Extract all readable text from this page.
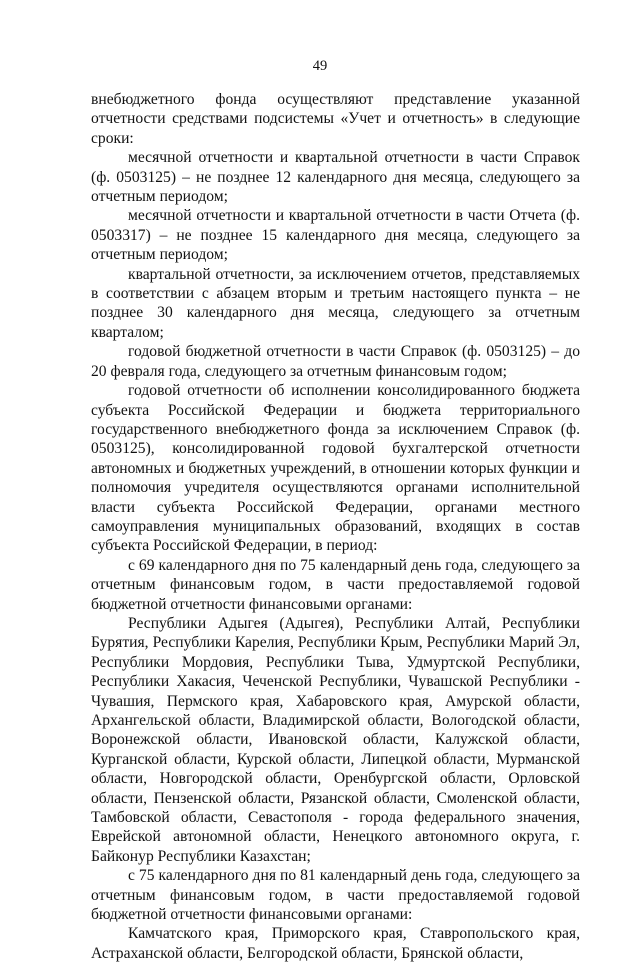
49

внебюджетного фонда осуществляют представление указанной отчетности средствами подсистемы «Учет и отчетность» в следующие сроки:

месячной отчетности и квартальной отчетности в части Справок (ф. 0503125) – не позднее 12 календарного дня месяца, следующего за отчетным периодом;

месячной отчетности и квартальной отчетности в части Отчета (ф. 0503317) – не позднее 15 календарного дня месяца, следующего за отчетным периодом;

квартальной отчетности, за исключением отчетов, представляемых в соответствии с абзацем вторым и третьим настоящего пункта – не позднее 30 календарного дня месяца, следующего за отчетным кварталом;

годовой бюджетной отчетности в части Справок (ф. 0503125) – до 20 февраля года, следующего за отчетным финансовым годом;

годовой отчетности об исполнении консолидированного бюджета субъекта Российской Федерации и бюджета территориального государственного внебюджетного фонда за исключением Справок (ф. 0503125), консолидированной годовой бухгалтерской отчетности автономных и бюджетных учреждений, в отношении которых функции и полномочия учредителя осуществляются органами исполнительной власти субъекта Российской Федерации, органами местного самоуправления муниципальных образований, входящих в состав субъекта Российской Федерации, в период:

с 69 календарного дня по 75 календарный день года, следующего за отчетным финансовым годом, в части предоставляемой годовой бюджетной отчетности финансовыми органами:

Республики Адыгея (Адыгея), Республики Алтай, Республики Бурятия, Республики Карелия, Республики Крым, Республики Марий Эл, Республики Мордовия, Республики Тыва, Удмуртской Республики, Республики Хакасия, Чеченской Республики, Чувашской Республики - Чувашия, Пермского края, Хабаровского края, Амурской области, Архангельской области, Владимирской области, Вологодской области, Воронежской области, Ивановской области, Калужской области, Курганской области, Курской области, Липецкой области, Мурманской области, Новгородской области, Оренбургской области, Орловской области, Пензенской области, Рязанской области, Смоленской области, Тамбовской области, Севастополя - города федерального значения, Еврейской автономной области, Ненецкого автономного округа, г. Байконур Республики Казахстан;

с 75 календарного дня по 81 календарный день года, следующего за отчетным финансовым годом, в части предоставляемой годовой бюджетной отчетности финансовыми органами:

Камчатского края, Приморского края, Ставропольского края, Астраханской области, Белгородской области, Брянской области,
